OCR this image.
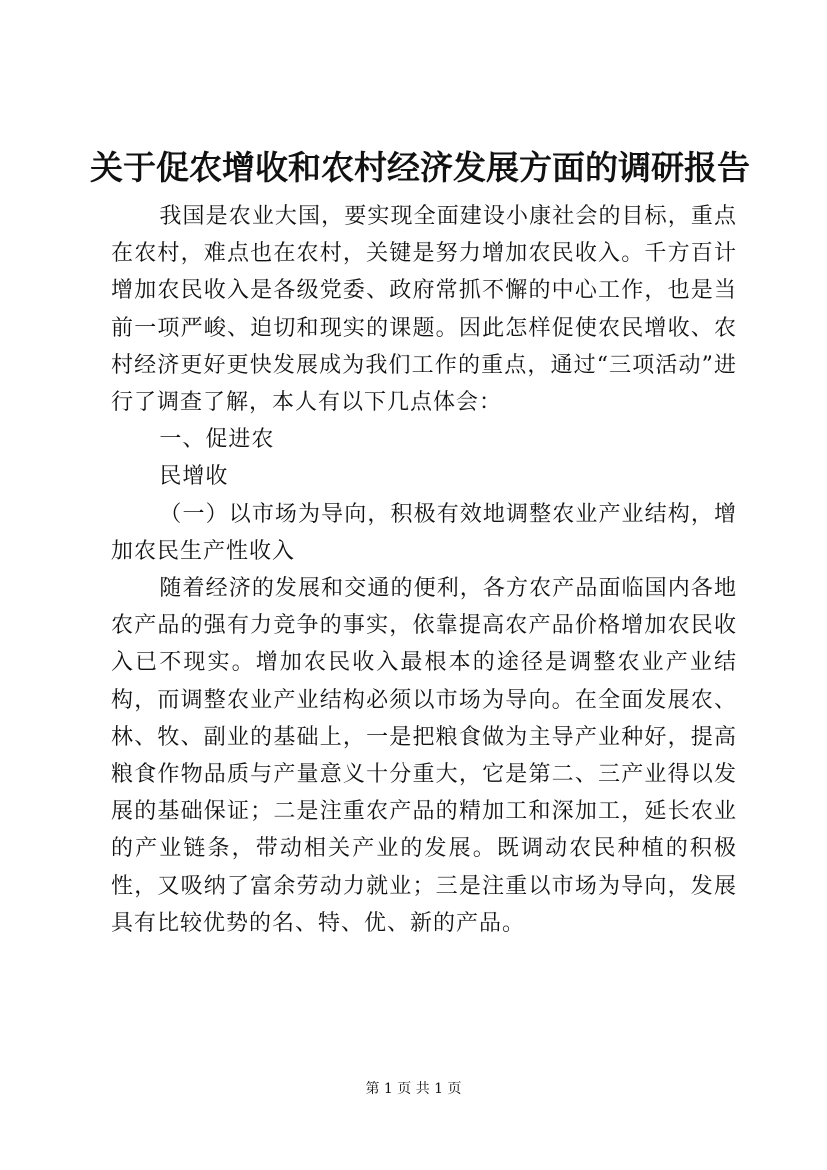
关于促农增收和农村经济发展方面的调研报告

我国是农业大国，要实现全面建设小康社会的目标，重点在农村，难点也在农村，关键是努力增加农民收入。千方百计增加农民收入是各级党委、政府常抓不懈的中心工作，也是当前一项严峻、迫切和现实的课题。因此怎样促使农民增收、农村经济更好更快发展成为我们工作的重点，通过“三项活动”进行了调查了解，本人有以下几点体会：

一、促进农

民增收

（一）以市场为导向，积极有效地调整农业产业结构，增加农民生产性收入

随着经济的发展和交通的便利，各方农产品面临国内各地农产品的强有力竞争的事实，依靠提高农产品价格增加农民收入已不现实。增加农民收入最根本的途径是调整农业产业结构，而调整农业产业结构必须以市场为导向。在全面发展农、林、牧、副业的基础上，一是把粮食做为主导产业种好，提高粮食作物品质与产量意义十分重大，它是第二、三产业得以发展的基础保证；二是注重农产品的精加工和深加工，延长农业的产业链条，带动相关产业的发展。既调动农民种植的积极性，又吸纳了富余劳动力就业；三是注重以市场为导向，发展具有比较优势的名、特、优、新的产品。

第 1 页 共 1 页
